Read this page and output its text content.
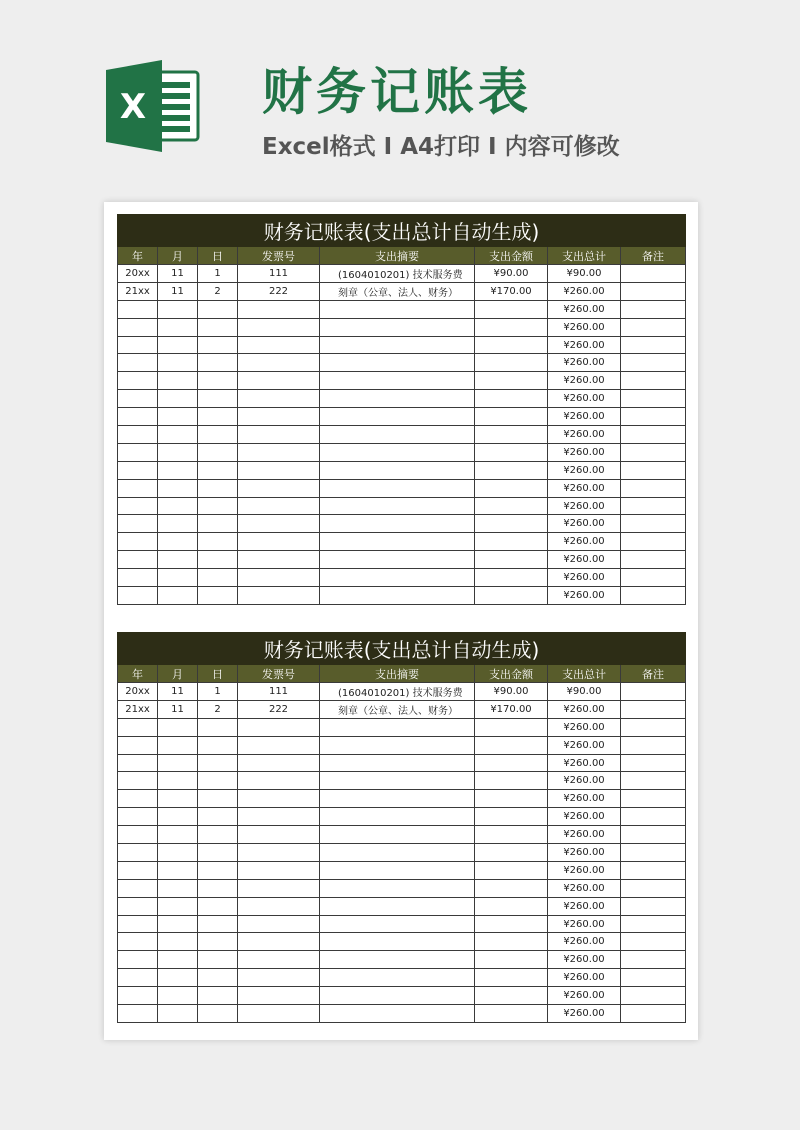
X 财务记账表
Excel格式 I A4打印 I 内容可修改
财务记账表(支出总计自动生成)							
年	月	日	发票号	支出摘要	支出金额	支出总计	备注
20xx	11	1	111	(1604010201) 技术服务费	¥90.00	¥90.00	
21xx	11	2	222	刻章（公章、法人、财务）	¥170.00	¥260.00	
						¥260.00	
						¥260.00	
						¥260.00	
						¥260.00	
						¥260.00	
						¥260.00	
						¥260.00	
						¥260.00	
						¥260.00	
						¥260.00	
						¥260.00	
						¥260.00	
						¥260.00	
						¥260.00	
						¥260.00	
						¥260.00	
						¥260.00	
财务记账表(支出总计自动生成)							
年	月	日	发票号	支出摘要	支出金额	支出总计	备注
20xx	11	1	111	(1604010201) 技术服务费	¥90.00	¥90.00	
21xx	11	2	222	刻章（公章、法人、财务）	¥170.00	¥260.00	
						¥260.00	
						¥260.00	
						¥260.00	
						¥260.00	
						¥260.00	
						¥260.00	
						¥260.00	
						¥260.00	
						¥260.00	
						¥260.00	
						¥260.00	
						¥260.00	
						¥260.00	
						¥260.00	
						¥260.00	
						¥260.00	
						¥260.00	
